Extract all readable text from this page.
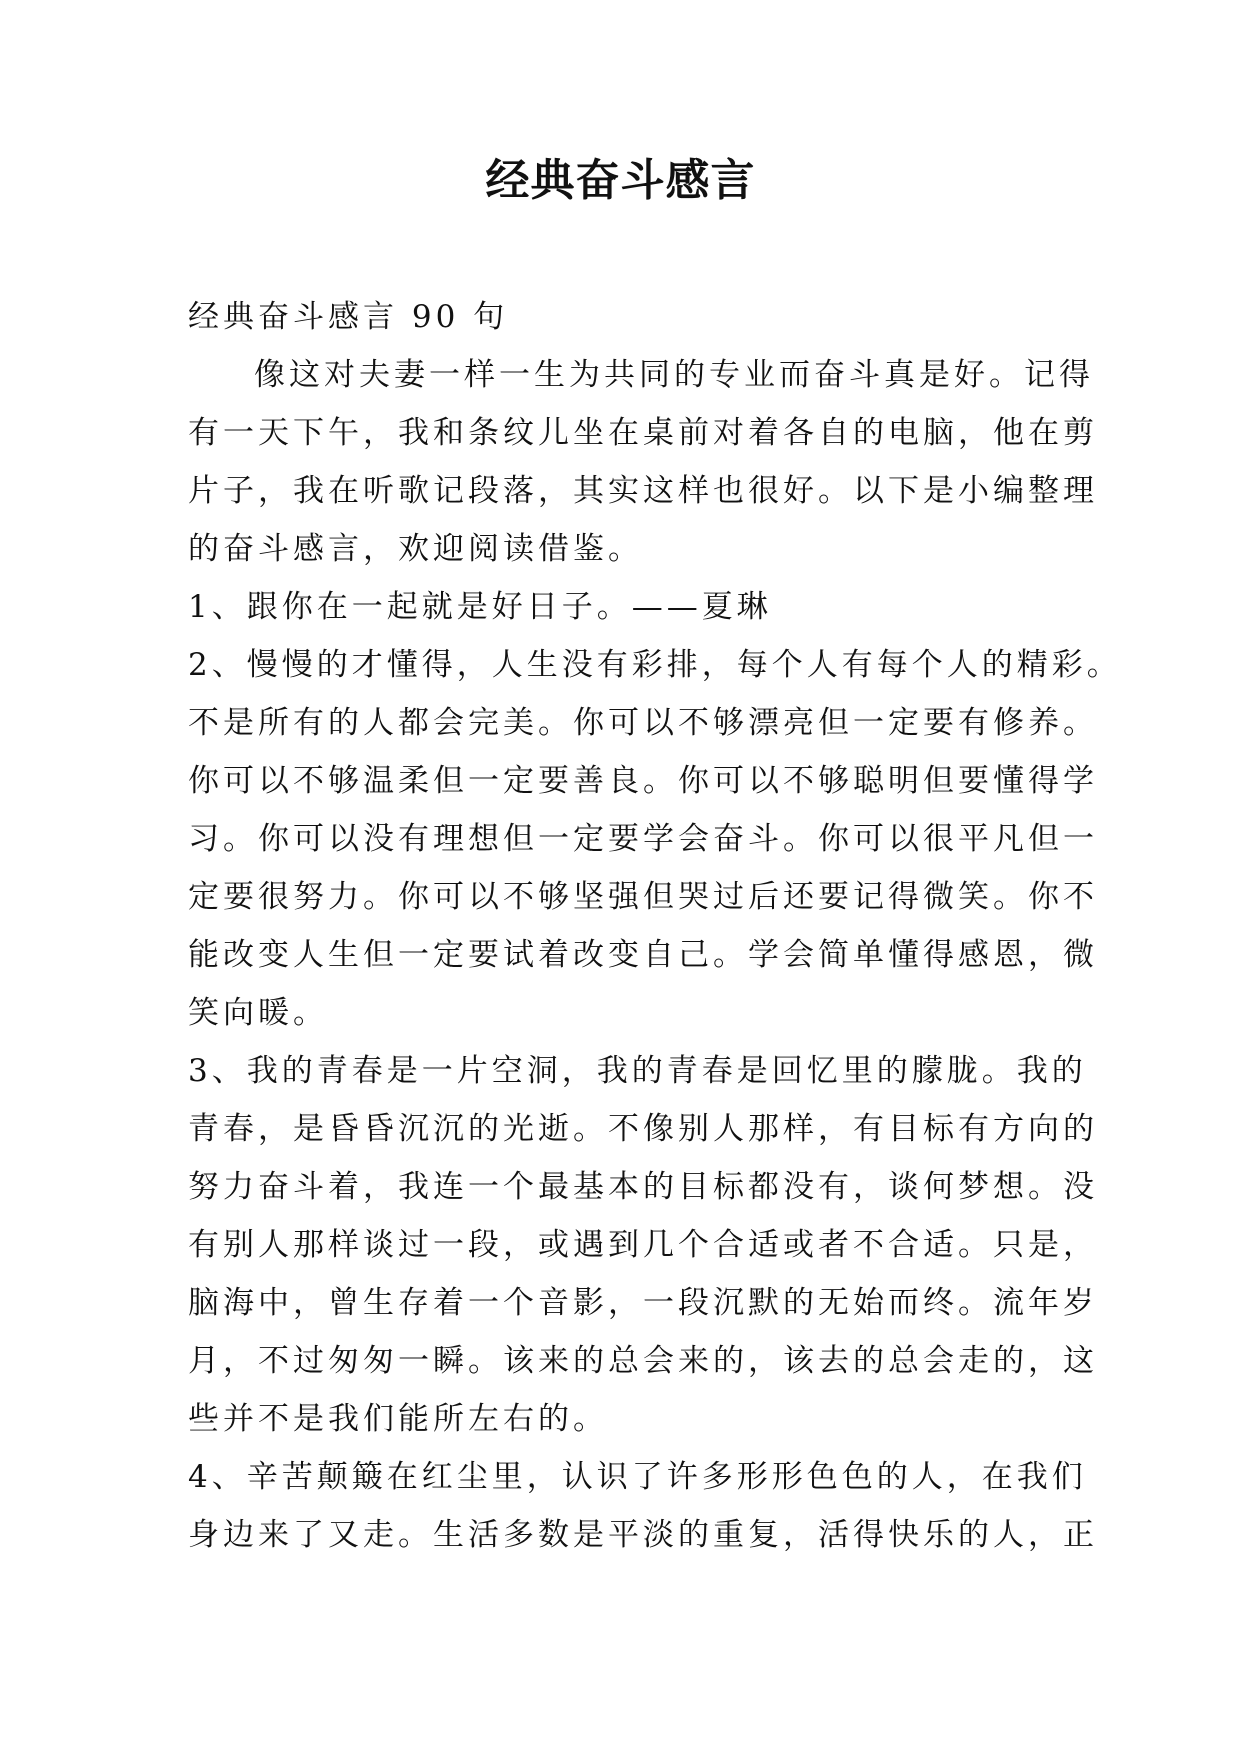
经典奋斗感言
经典奋斗感言 90 句
像这对夫妻一样一生为共同的专业而奋斗真是好。记得
有一天下午，我和条纹儿坐在桌前对着各自的电脑，他在剪
片子，我在听歌记段落，其实这样也很好。以下是小编整理
的奋斗感言，欢迎阅读借鉴。
1、跟你在一起就是好日子。——夏琳
2、慢慢的才懂得，人生没有彩排，每个人有每个人的精彩。
不是所有的人都会完美。你可以不够漂亮但一定要有修养。
你可以不够温柔但一定要善良。你可以不够聪明但要懂得学
习。你可以没有理想但一定要学会奋斗。你可以很平凡但一
定要很努力。你可以不够坚强但哭过后还要记得微笑。你不
能改变人生但一定要试着改变自己。学会简单懂得感恩，微
笑向暖。
3、我的青春是一片空洞，我的青春是回忆里的朦胧。我的
青春，是昏昏沉沉的光逝。不像别人那样，有目标有方向的
努力奋斗着，我连一个最基本的目标都没有，谈何梦想。没
有别人那样谈过一段，或遇到几个合适或者不合适。只是，
脑海中，曾生存着一个音影，一段沉默的无始而终。流年岁
月，不过匆匆一瞬。该来的总会来的，该去的总会走的，这
些并不是我们能所左右的。
4、辛苦颠簸在红尘里，认识了许多形形色色的人，在我们
身边来了又走。生活多数是平淡的重复，活得快乐的人，正
